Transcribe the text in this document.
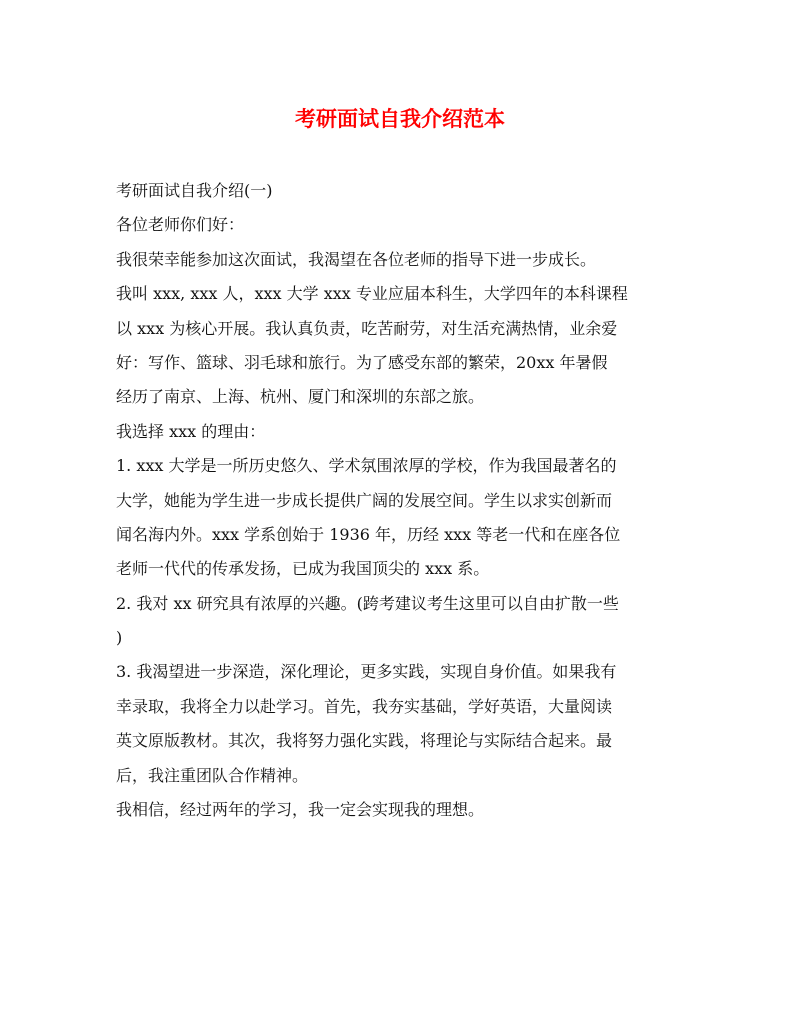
考研面试自我介绍范本
考研面试自我介绍(一)
各位老师你们好：
我很荣幸能参加这次面试，我渴望在各位老师的指导下进一步成长。
我叫 xxx, xxx 人，xxx 大学 xxx 专业应届本科生，大学四年的本科课程
以 xxx 为核心开展。我认真负责，吃苦耐劳，对生活充满热情，业余爱
好：写作、篮球、羽毛球和旅行。为了感受东部的繁荣，20xx 年暑假
经历了南京、上海、杭州、厦门和深圳的东部之旅。
我选择 xxx 的理由：
1. xxx 大学是一所历史悠久、学术氛围浓厚的学校，作为我国最著名的
大学，她能为学生进一步成长提供广阔的发展空间。学生以求实创新而
闻名海内外。xxx 学系创始于 1936 年，历经 xxx 等老一代和在座各位
老师一代代的传承发扬，已成为我国顶尖的 xxx 系。
2. 我对 xx 研究具有浓厚的兴趣。(跨考建议考生这里可以自由扩散一些
)
3. 我渴望进一步深造，深化理论，更多实践，实现自身价值。如果我有
幸录取，我将全力以赴学习。首先，我夯实基础，学好英语，大量阅读
英文原版教材。其次，我将努力强化实践，将理论与实际结合起来。最
后，我注重团队合作精神。
我相信，经过两年的学习，我一定会实现我的理想。
